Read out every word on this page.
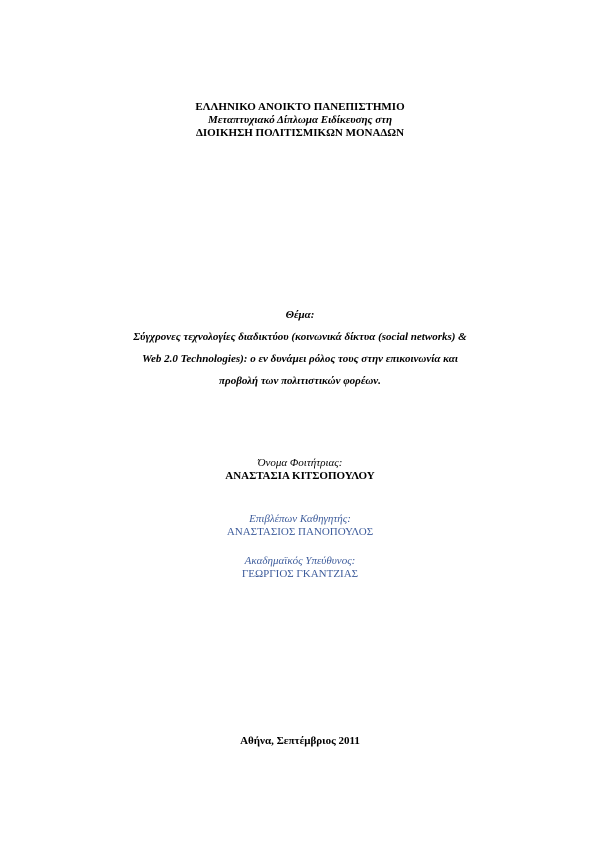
ΕΛΛΗΝΙΚΟ ΑΝΟΙΚΤΟ ΠΑΝΕΠΙΣΤΗΜΙΟ
Μεταπτυχιακό Δίπλωμα Ειδίκευσης στη
ΔΙΟΙΚΗΣΗ ΠΟΛΙΤΙΣΜΙΚΩΝ ΜΟΝΑΔΩΝ
Θέμα:
Σύγχρονες τεχνολογίες διαδικτύου (κοινωνικά δίκτυα (social networks) &
Web 2.0 Technologies): ο εν δυνάμει ρόλος τους στην επικοινωνία και
προβολή των πολιτιστικών φορέων.
Όνομα Φοιτήτριας:
ΑΝΑΣΤΑΣΙΑ ΚΙΤΣΟΠΟΥΛΟΥ
Επιβλέπων Καθηγητής:
ΑΝΑΣΤΑΣΙΟΣ ΠΑΝΟΠΟΥΛΟΣ
Ακαδημαϊκός Υπεύθυνος:
ΓΕΩΡΓΙΟΣ ΓΚΑΝΤΖΙΑΣ
Αθήνα, Σεπτέμβριος 2011
